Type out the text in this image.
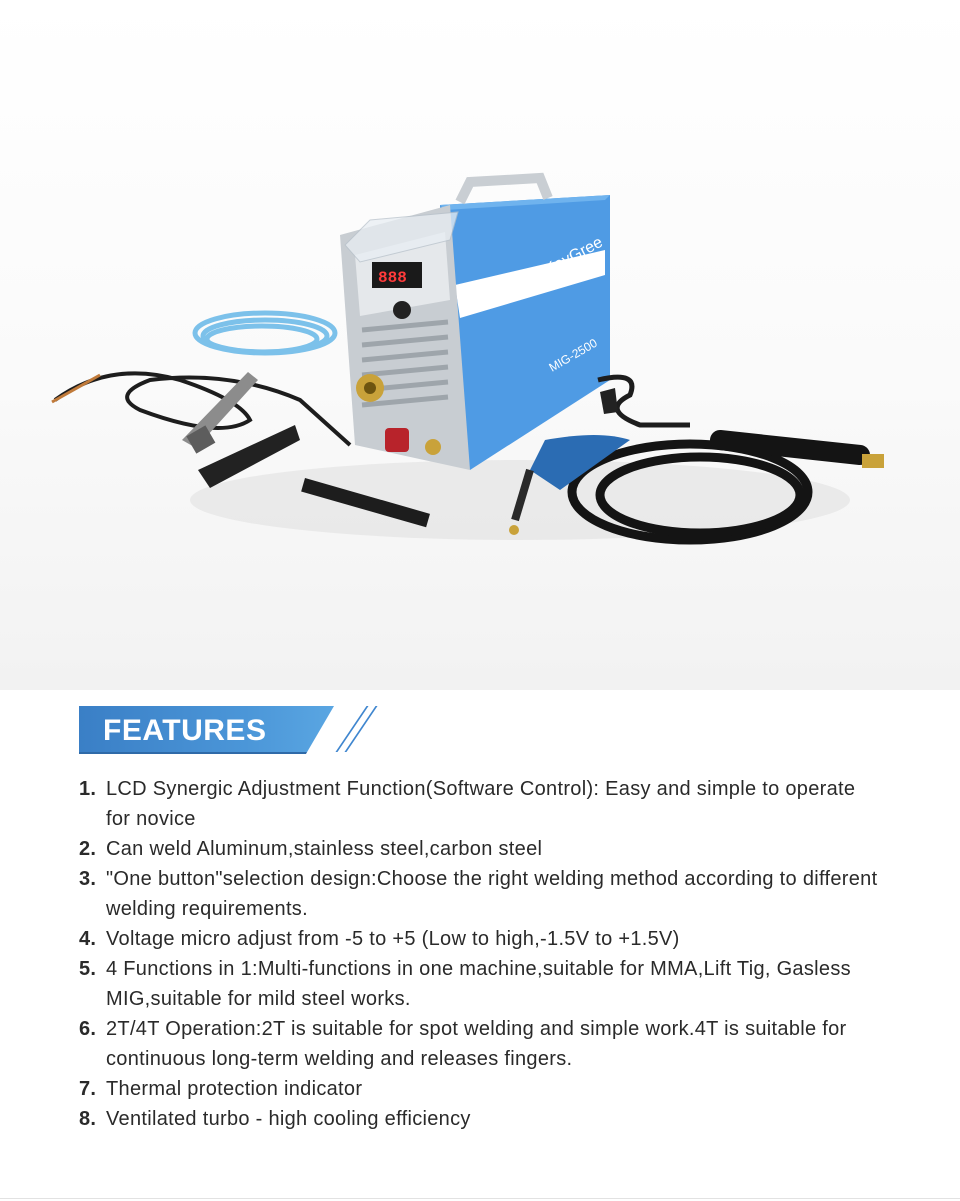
888	KeyGree
MIG-2500
FEATURES
1. LCD Synergic Adjustment Function(Software Control): Easy and simple to operate for novice
2. Can weld Aluminum,stainless steel,carbon steel
3. "One button"selection design:Choose the right welding method according to different welding requirements.
4. Voltage micro adjust from -5 to +5 (Low to high,-1.5V to +1.5V)
5. 4 Functions in 1:Multi-functions in one machine,suitable for MMA,Lift Tig, Gasless MIG,suitable for mild steel works.
6. 2T/4T Operation:2T is suitable for spot welding and simple work.4T is suitable for continuous long-term welding and releases fingers.
7. Thermal protection indicator
8. Ventilated turbo - high cooling efficiency
